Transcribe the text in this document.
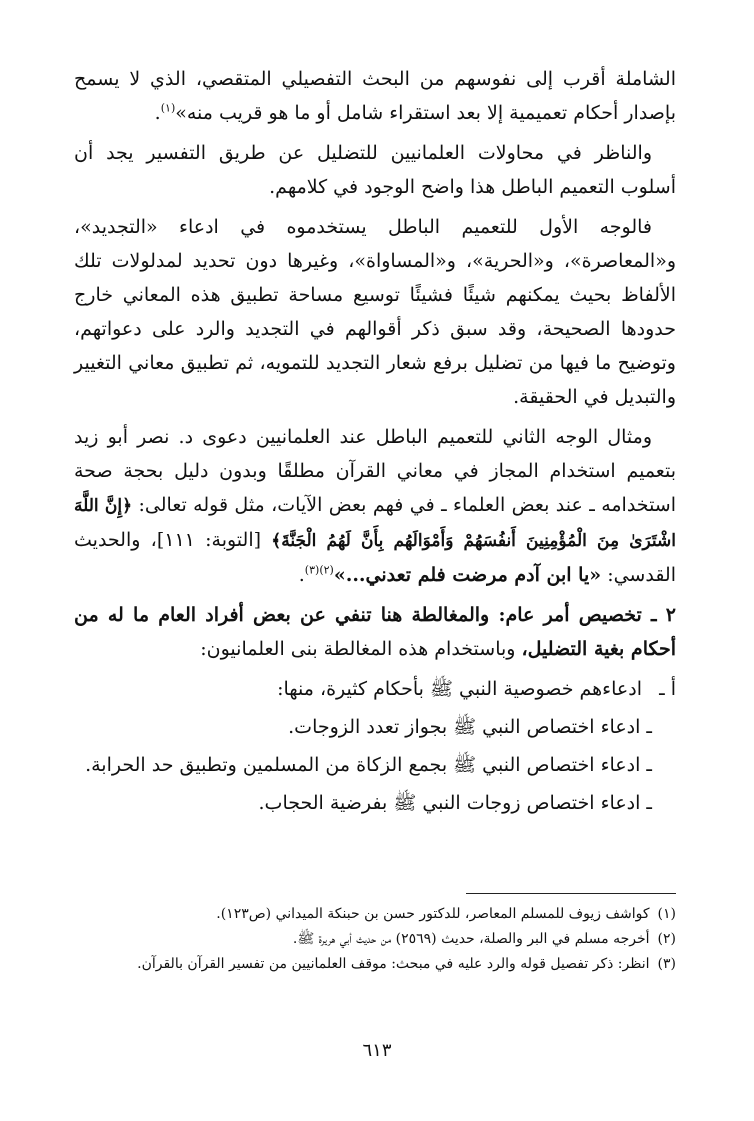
الشاملة أقرب إلى نفوسهم من البحث التفصيلي المتقصي، الذي لا يسمح بإصدار أحكام تعميمية إلا بعد استقراء شامل أو ما هو قريب منه»$^{(١)}$.

والناظر في محاولات العلمانيين للتضليل عن طريق التفسير يجد أن أسلوب التعميم الباطل هذا واضح الوجود في كلامهم.

فالوجه الأول للتعميم الباطل يستخدموه في ادعاء «التجديد»، و«المعاصرة»، و«الحرية»، و«المساواة»، وغيرها دون تحديد لمدلولات تلك الألفاظ بحيث يمكنهم شيئًا فشيئًا توسيع مساحة تطبيق هذه المعاني خارج حدودها الصحيحة، وقد سبق ذكر أقوالهم في التجديد والرد على دعواتهم، وتوضيح ما فيها من تضليل برفع شعار التجديد للتمويه، ثم تطبيق معاني التغيير والتبديل في الحقيقة.

ومثال الوجه الثاني للتعميم الباطل عند العلمانيين دعوى د. نصر أبو زيد بتعميم استخدام المجاز في معاني القرآن مطلقًا وبدون دليل بحجة صحة استخدامه ـ عند بعض العلماء ـ في فهم بعض الآيات، مثل قوله تعالى: ﴿إِنَّ اللَّهَ اشْتَرَىٰ مِنَ الْمُؤْمِنِينَ أَنفُسَهُمْ وَأَمْوَالَهُم بِأَنَّ لَهُمُ الْجَنَّةَ﴾ [التوبة: ١١١]، والحديث القدسي: «يا ابن آدم مرضت فلم تعدني...»$^{(٢)(٣)}$.

٢ ـ تخصيص أمر عام: والمغالطة هنا تنفي عن بعض أفراد العام ما له من أحكام بغية التضليل، وباستخدام هذه المغالطة بنى العلمانيون:

أ ـادعاءهم خصوصية النبي ﷺ بأحكام كثيرة، منها:
ـ ادعاء اختصاص النبي ﷺ بجواز تعدد الزوجات.
ـ ادعاء اختصاص النبي ﷺ بجمع الزكاة من المسلمين وتطبيق حد الحرابة.
ـ ادعاء اختصاص زوجات النبي ﷺ بفرضية الحجاب.
(١)
كواشف زيوف للمسلم المعاصر، للدكتور حسن بن حبنكة الميداني (ص١٢٣).
(٢)
أخرجه مسلم في البر والصلة، حديث (٢٥٦٩) من حديث أبي هريرة ﷺ.
(٣)
انظر: ذكر تفصيل قوله والرد عليه في مبحث: موقف العلمانيين من تفسير القرآن بالقرآن.
٦١٣
